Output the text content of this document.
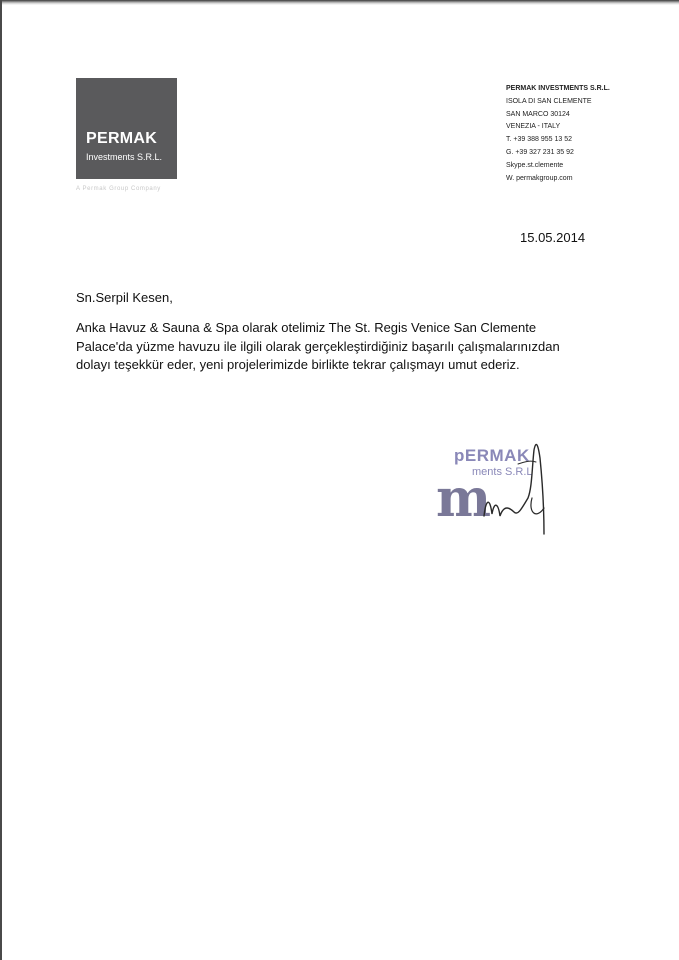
PERMAK
Investments S.R.L.
A Permak Group Company
PERMAK INVESTMENTS S.R.L.
ISOLA DI SAN CLEMENTE
SAN MARCO 30124
VENEZIA - ITALY
T. +39 388 955 13 52
G. +39 327 231 35 92
Skype.st.clemente
W. permakgroup.com
15.05.2014
Sn.Serpil Kesen,
Anka Havuz & Sauna & Spa olarak otelimiz The St. Regis Venice San Clemente
Palace'da yüzme havuzu ile ilgili olarak gerçekleştirdiğiniz başarılı çalışmalarınızdan
dolayı teşekkür eder, yeni projelerimizde birlikte tekrar çalışmayı umut ederiz.
pERMAK
ments S.R.L
m
